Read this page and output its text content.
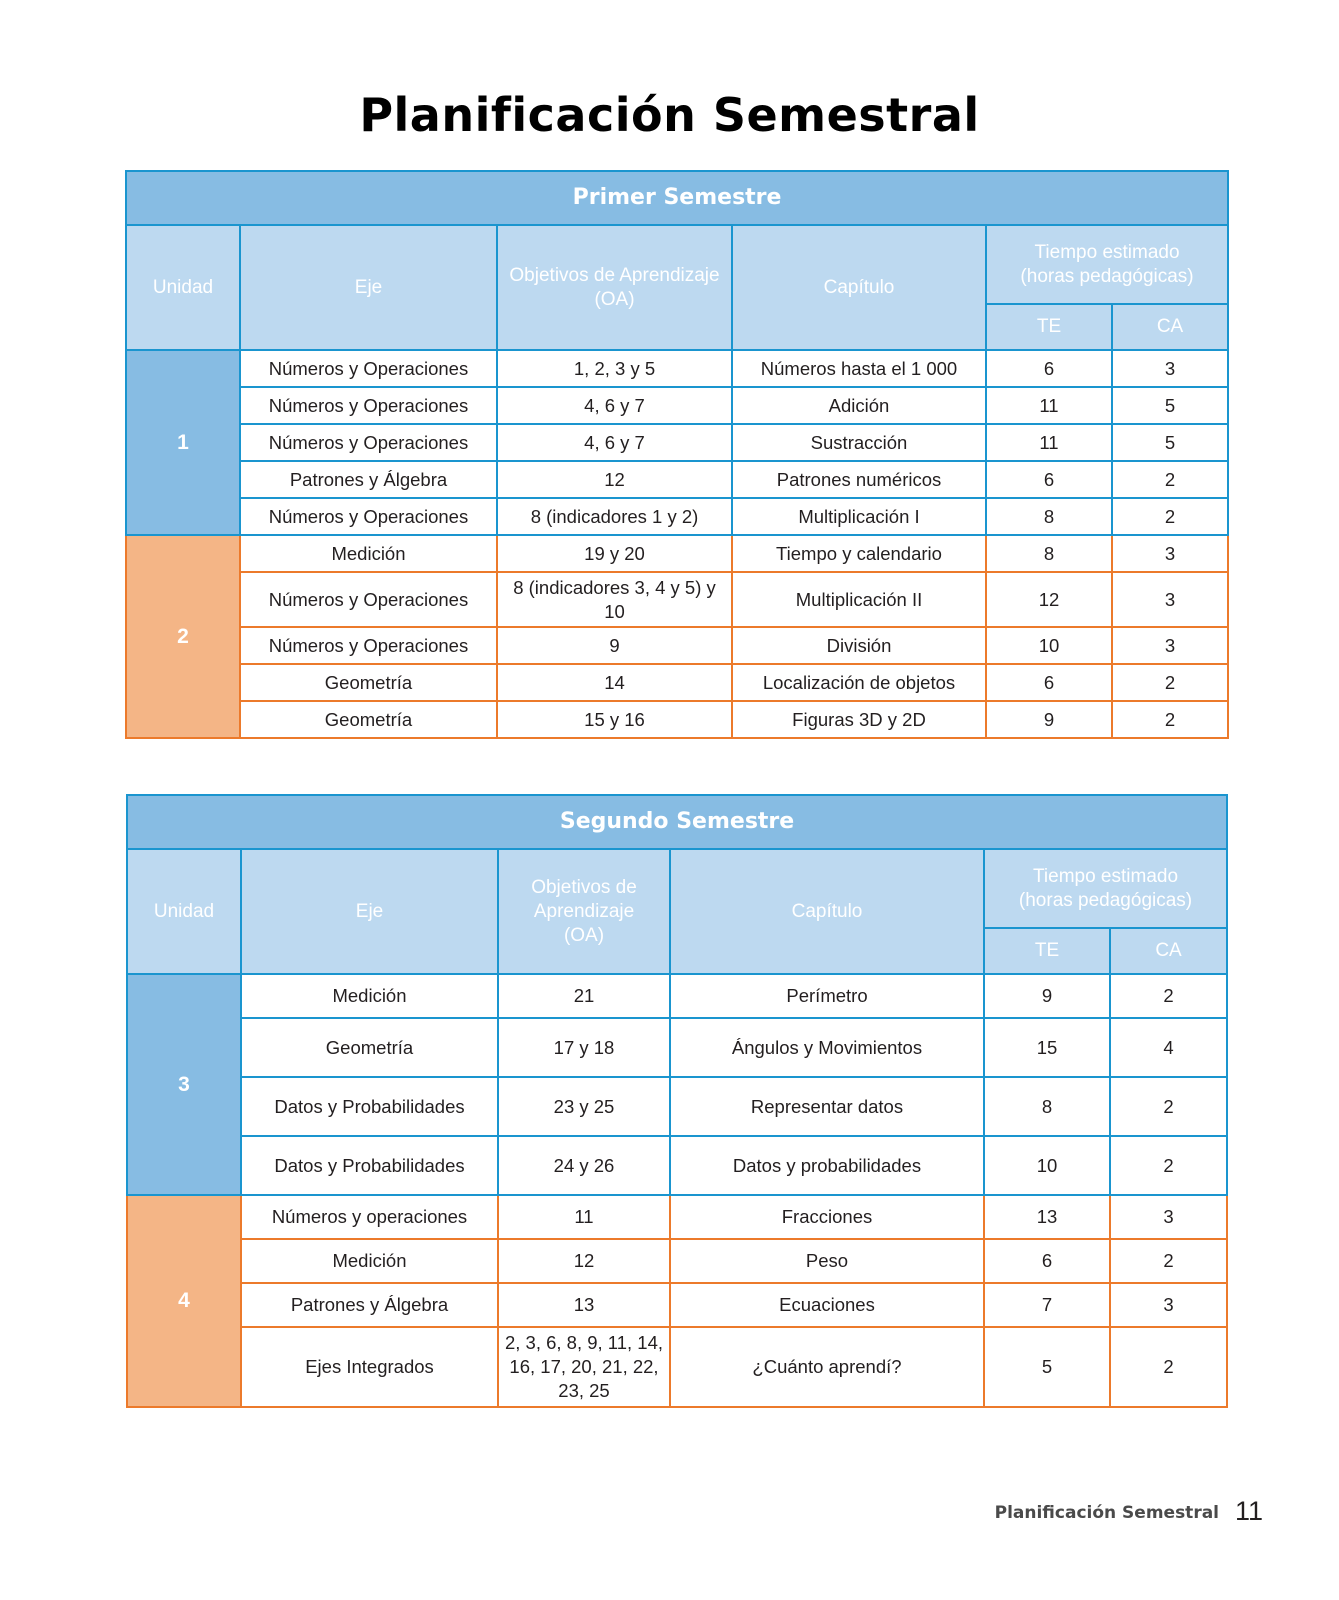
Planificación Semestral
Primer Semestre					
Unidad	Eje	Objetivos de Aprendizaje (OA)	Capítulo	Tiempo estimado
(horas pedagógicas)	
				TE	CA
1	Números y Operaciones	1, 2, 3 y 5	Números hasta el 1 000	6	3
	Números y Operaciones	4, 6 y 7	Adición	11	5
	Números y Operaciones	4, 6 y 7	Sustracción	11	5
	Patrones y Álgebra	12	Patrones numéricos	6	2
	Números y Operaciones	8 (indicadores 1 y 2)	Multiplicación I	8	2
2	Medición	19 y 20	Tiempo y calendario	8	3
	Números y Operaciones	8 (indicadores 3, 4 y 5) y 10	Multiplicación II	12	3
	Números y Operaciones	9	División	10	3
	Geometría	14	Localización de objetos	6	2
	Geometría	15 y 16	Figuras 3D y 2D	9	2
Segundo Semestre					
Unidad	Eje	Objetivos de
Aprendizaje
(OA)	Capítulo	Tiempo estimado
(horas pedagógicas)	
				TE	CA
3	Medición	21	Perímetro	9	2
	Geometría	17 y 18	Ángulos y Movimientos	15	4
	Datos y Probabilidades	23 y 25	Representar datos	8	2
	Datos y Probabilidades	24 y 26	Datos y probabilidades	10	2
4	Números y operaciones	11	Fracciones	13	3
	Medición	12	Peso	6	2
	Patrones y Álgebra	13	Ecuaciones	7	3
	Ejes Integrados	2, 3, 6, 8, 9, 11, 14, 16, 17, 20, 21, 22, 23, 25	¿Cuánto aprendí?	5	2
Planificación Semestral 11
